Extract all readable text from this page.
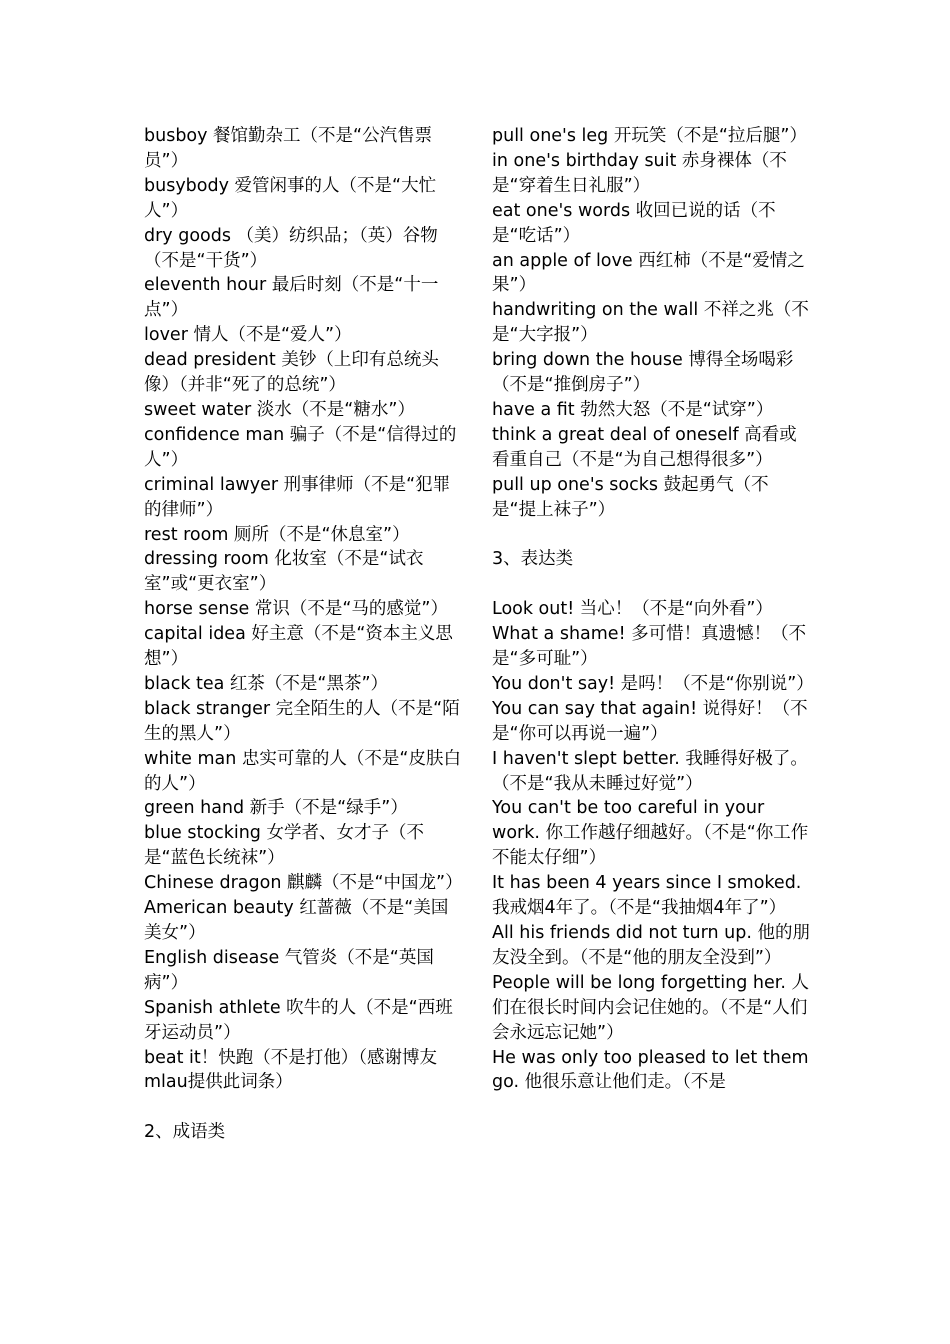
busboy 餐馆勤杂工（不是“公汽售票员”）

busybody 爱管闲事的人（不是“大忙人”）

dry goods （美）纺织品；（英）谷物（不是“干货”）

eleventh hour 最后时刻（不是“十一点”）

lover 情人（不是“爱人”）

dead president 美钞（上印有总统头像）（并非“死了的总统”）

sweet water 淡水（不是“糖水”）

confidence man 骗子（不是“信得过的人”）

criminal lawyer 刑事律师（不是“犯罪的律师”）

rest room 厕所（不是“休息室”）

dressing room 化妆室（不是“试衣室”或“更衣室”）

horse sense 常识（不是“马的感觉”）

capital idea 好主意（不是“资本主义思想”）

black tea 红茶（不是“黑茶”）

black stranger 完全陌生的人（不是“陌生的黑人”）

white man 忠实可靠的人（不是“皮肤白的人”）

green hand 新手（不是“绿手”）

blue stocking 女学者、女才子（不是“蓝色长统袜”）

Chinese dragon 麒麟（不是“中国龙”）

American beauty 红蔷薇（不是“美国美女”）

English disease 气管炎（不是“英国病”）

Spanish athlete 吹牛的人（不是“西班牙运动员”）

beat it！快跑（不是打他）（感谢博友mlau提供此词条）

2、成语类

pull one's leg 开玩笑（不是“拉后腿”）

in one's birthday suit 赤身裸体（不是“穿着生日礼服”）

eat one's words 收回已说的话（不是“吃话”）

an apple of love 西红柿（不是“爱情之果”）

handwriting on the wall 不祥之兆（不是“大字报”）

bring down the house 博得全场喝彩（不是“推倒房子”）

have a fit 勃然大怒（不是“试穿”）

think a great deal of oneself 高看或看重自己（不是“为自己想得很多”）

pull up one's socks 鼓起勇气（不是“提上袜子”）

3、表达类

Look out! 当心！（不是“向外看”）

What a shame! 多可惜！真遗憾！（不是“多可耻”）

You don't say! 是吗！（不是“你别说”）

You can say that again! 说得好！（不是“你可以再说一遍”）

I haven't slept better. 我睡得好极了。（不是“我从未睡过好觉”）

You can't be too careful in your work. 你工作越仔细越好。（不是“你工作不能太仔细”）

It has been 4 years since I smoked. 我戒烟4年了。（不是“我抽烟4年了”）

All his friends did not turn up. 他的朋友没全到。（不是“他的朋友全没到”）

People will be long forgetting her. 人们在很长时间内会记住她的。（不是“人们会永远忘记她”）

He was only too pleased to let them go. 他很乐意让他们走。（不是
